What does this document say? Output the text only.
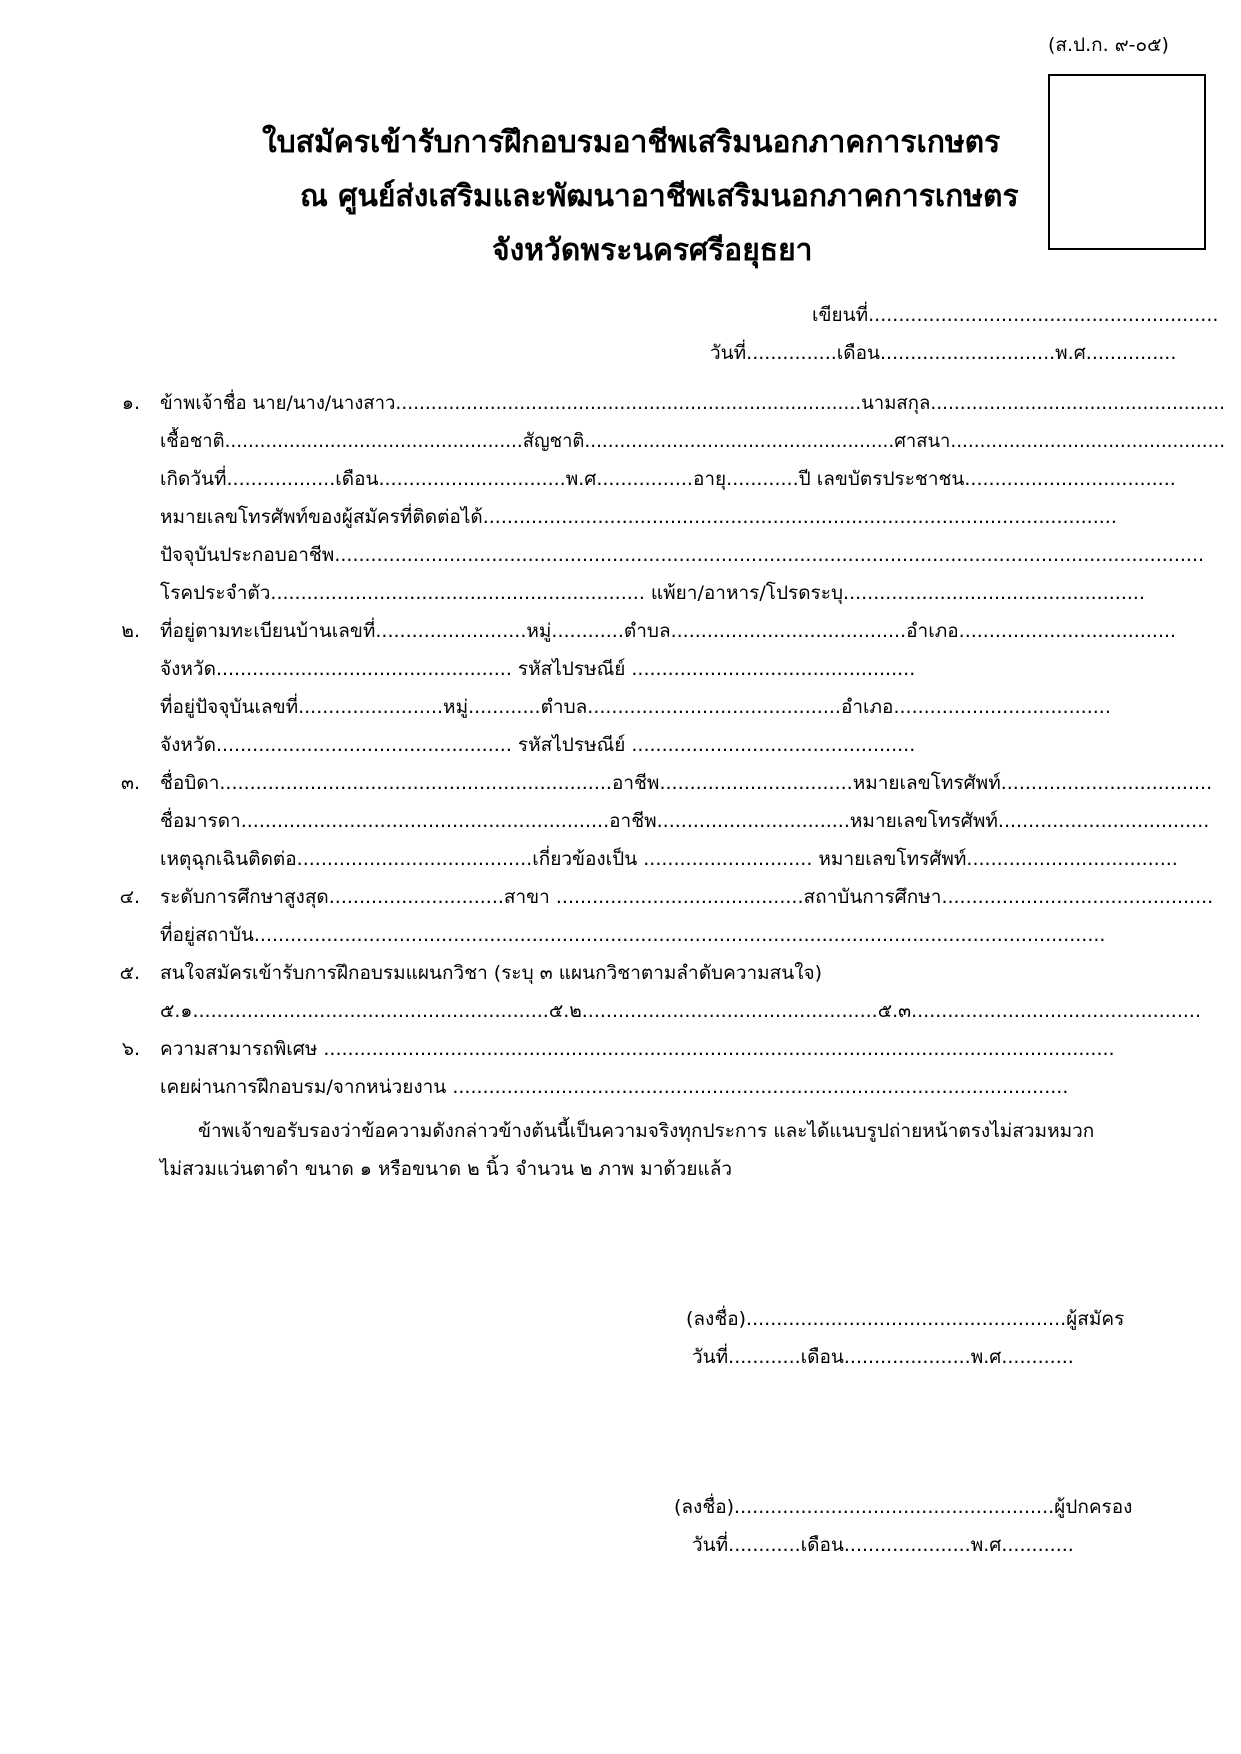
(ส.ป.ก. ๙-๐๕)
ใบสมัครเข้ารับการฝึกอบรมอาชีพเสริมนอกภาคการเกษตร
ณ ศูนย์ส่งเสริมและพัฒนาอาชีพเสริมนอกภาคการเกษตร
จังหวัดพระนครศรีอยุธยา
เขียนที่..........................................................
วันที่...............เดือน.............................พ.ศ...............
๑. ข้าพเจ้าชื่อ นาย/นาง/นางสาว...............................................................................นามสกุล..................................................
เชื้อชาติ...................................................สัญชาติ.....................................................ศาสนา...............................................
เกิดวันที่..................เดือน...............................พ.ศ................อายุ............ปี เลขบัตรประชาชน...................................
หมายเลขโทรศัพท์ของผู้สมัครที่ติดต่อได้.........................................................................................................
ปัจจุบันประกอบอาชีพ................................................................................................................................................
โรคประจำตัว.............................................................. แพ้ยา/อาหาร/โปรดระบุ..................................................
๒. ที่อยู่ตามทะเบียนบ้านเลขที่.........................หมู่............ตำบล.......................................อำเภอ....................................
จังหวัด................................................. รหัสไปรษณีย์ ...............................................
ที่อยู่ปัจจุบันเลขที่........................หมู่............ตำบล..........................................อำเภอ....................................
จังหวัด................................................. รหัสไปรษณีย์ ...............................................
๓. ชื่อบิดา.................................................................อาชีพ................................หมายเลขโทรศัพท์...................................
ชื่อมารดา.............................................................อาชีพ................................หมายเลขโทรศัพท์...................................
เหตุฉุกเฉินติดต่อ.......................................เกี่ยวข้องเป็น ............................ หมายเลขโทรศัพท์...................................
๔. ระดับการศึกษาสูงสุด.............................สาขา .........................................สถาบันการศึกษา.............................................
ที่อยู่สถาบัน.............................................................................................................................................
๕. สนใจสมัครเข้ารับการฝึกอบรมแผนกวิชา (ระบุ ๓ แผนกวิชาตามลำดับความสนใจ)
๕.๑...........................................................๕.๒.................................................๕.๓................................................
๖. ความสามารถพิเศษ ...................................................................................................................................
เคยผ่านการฝึกอบรม/จากหน่วยงาน ......................................................................................................
ข้าพเจ้าขอรับรองว่าข้อความดังกล่าวข้างต้นนี้เป็นความจริงทุกประการ และได้แนบรูปถ่ายหน้าตรงไม่สวมหมวก
ไม่สวมแว่นตาดำ ขนาด ๑ หรือขนาด ๒ นิ้ว จำนวน ๒ ภาพ มาด้วยแล้ว
(ลงชื่อ).....................................................ผู้สมัคร
วันที่............เดือน.....................พ.ศ............
(ลงชื่อ).....................................................ผู้ปกครอง
วันที่............เดือน.....................พ.ศ............
